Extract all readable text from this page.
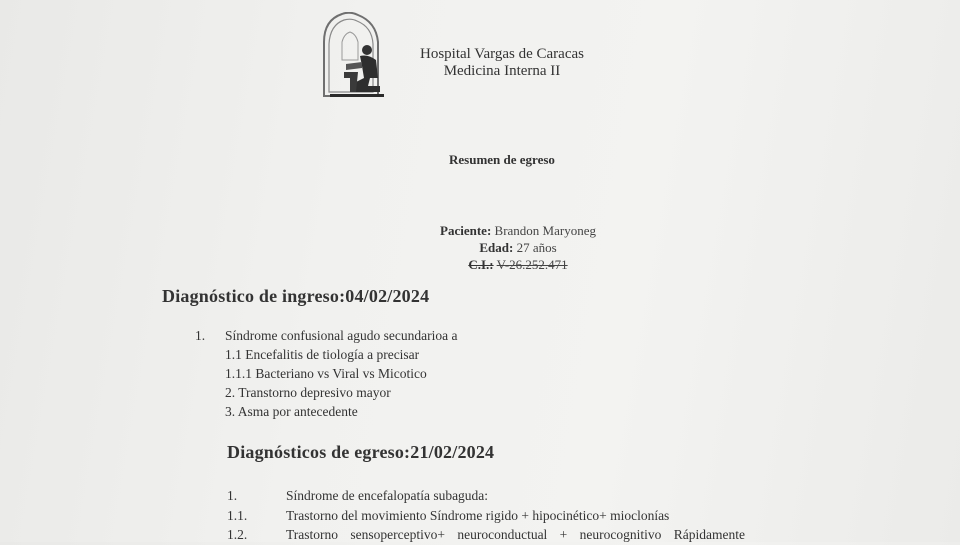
Hospital Vargas de Caracas
Medicina Interna II
Resumen de egreso
Paciente: Brandon Maryoneg
Edad: 27 años
C.I.: V-26.252.471
Diagnóstico de ingreso:04/02/2024
1. Síndrome confusional agudo secundarioa a
1.1 Encefalitis de tiología a precisar
1.1.1 Bacteriano vs Viral vs Micotico
2. Transtorno depresivo mayor
3. Asma por antecedente
Diagnósticos de egreso:21/02/2024
1.	Síndrome de encefalopatía subaguda:
1.1.	Trastorno del movimiento Síndrome rigido + hipocinético+ mioclonías
1.2.	Trastorno sensoperceptivo+ neuroconductual + neurocognitivo Rápidamente
